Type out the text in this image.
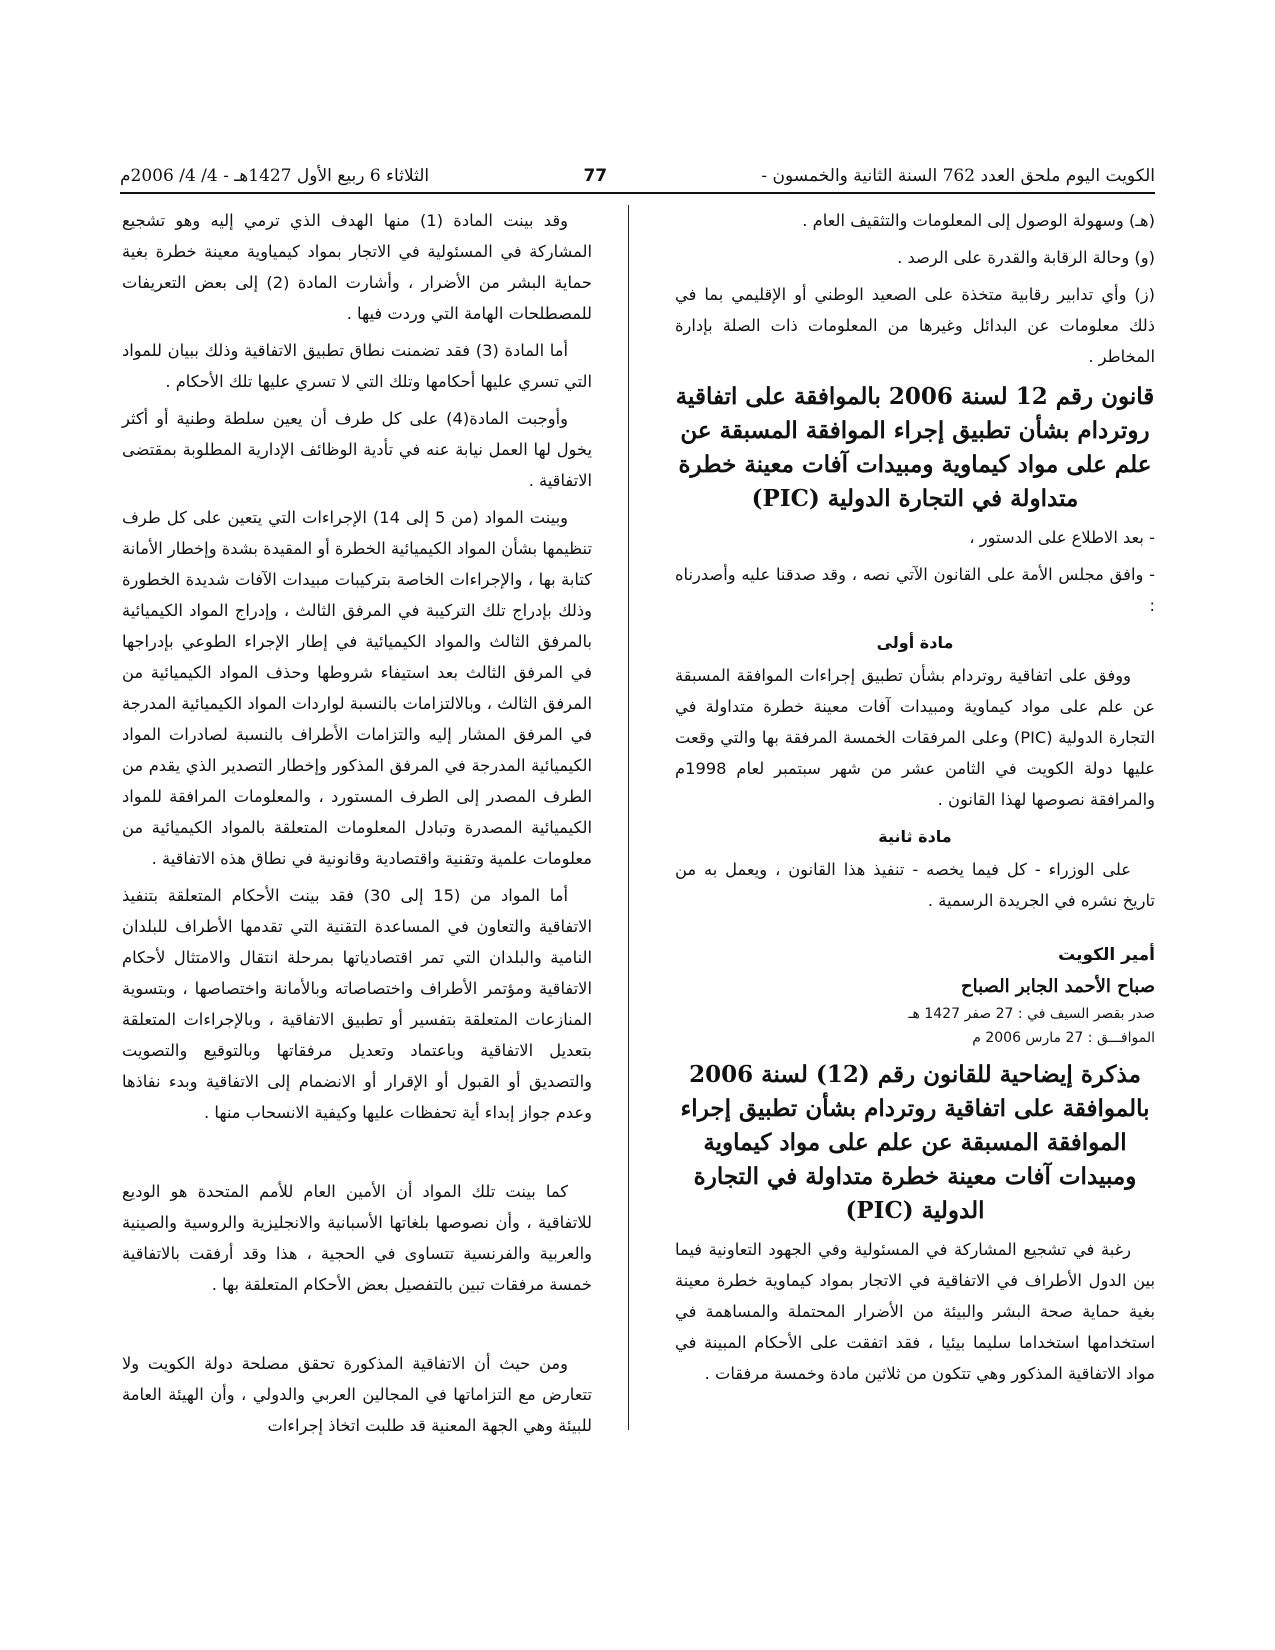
الكويت اليوم ملحق العدد 762 السنة الثانية والخمسون -
77
الثلاثاء 6 ربيع الأول 1427هـ - 4/ 4/ 2006م

(هـ) وسهولة الوصول إلى المعلومات والتثقيف العام .

(و) وحالة الرقابة والقدرة على الرصد .

(ز) وأي تدابير رقابية متخذة على الصعيد الوطني أو الإقليمي بما في ذلك معلومات عن البدائل وغيرها من المعلومات ذات الصلة بإدارة المخاطر .

قانون رقم 12 لسنة 2006 بالموافقة على اتفاقية روتردام بشأن تطبيق إجراء الموافقة المسبقة عن علم على مواد كيماوية ومبيدات آفات معينة خطرة متداولة في التجارة الدولية (PIC)

- بعد الاطلاع على الدستور ،

- وافق مجلس الأمة على القانون الآتي نصه ، وقد صدقنا عليه وأصدرناه :

مادة أولى

ووفق على اتفاقية روتردام بشأن تطبيق إجراءات الموافقة المسبقة عن علم على مواد كيماوية ومبيدات آفات معينة خطرة متداولة في التجارة الدولية (PIC) وعلى المرفقات الخمسة المرفقة بها والتي وقعت عليها دولة الكويت في الثامن عشر من شهر سبتمبر لعام 1998م والمرافقة نصوصها لهذا القانون .

مادة ثانية

على الوزراء - كل فيما يخصه - تنفيذ هذا القانون ، ويعمل به من تاريخ نشره في الجريدة الرسمية .

أمير الكويت
صباح الأحمد الجابر الصباح
صدر بقصر السيف في : 27 صفر 1427 هـ
الموافـــق : 27 مارس 2006 م
مذكرة إيضاحية للقانون رقم (12) لسنة 2006 بالموافقة على اتفاقية روتردام بشأن تطبيق إجراء الموافقة المسبقة عن علم على مواد كيماوية ومبيدات آفات معينة خطرة متداولة في التجارة الدولية (PIC)

رغبة في تشجيع المشاركة في المسئولية وفي الجهود التعاونية فيما بين الدول الأطراف في الاتفاقية في الاتجار بمواد كيماوية خطرة معينة بغية حماية صحة البشر والبيئة من الأضرار المحتملة والمساهمة في استخدامها استخداما سليما بيئيا ، فقد اتفقت على الأحكام المبينة في مواد الاتفاقية المذكور وهي تتكون من ثلاثين مادة وخمسة مرفقات .

وقد بينت المادة (1) منها الهدف الذي ترمي إليه وهو تشجيع المشاركة في المسئولية في الاتجار بمواد كيمياوية معينة خطرة بغية حماية البشر من الأضرار ، وأشارت المادة (2) إلى بعض التعريفات للمصطلحات الهامة التي وردت فيها .

أما المادة (3) فقد تضمنت نطاق تطبيق الاتفاقية وذلك ببيان للمواد التي تسري عليها أحكامها وتلك التي لا تسري عليها تلك الأحكام .

وأوجبت المادة(4) على كل طرف أن يعين سلطة وطنية أو أكثر يخول لها العمل نيابة عنه في تأدية الوظائف الإدارية المطلوبة بمقتضى الاتفاقية .

وبينت المواد (من 5 إلى 14) الإجراءات التي يتعين على كل طرف تنظيمها بشأن المواد الكيميائية الخطرة أو المقيدة بشدة وإخطار الأمانة كتابة بها ، والإجراءات الخاصة بتركيبات مبيدات الآفات شديدة الخطورة وذلك بإدراج تلك التركيبة في المرفق الثالث ، وإدراج المواد الكيميائية بالمرفق الثالث والمواد الكيميائية في إطار الإجراء الطوعي بإدراجها في المرفق الثالث بعد استيفاء شروطها وحذف المواد الكيميائية من المرفق الثالث ، وبالالتزامات بالنسبة لواردات المواد الكيميائية المدرجة في المرفق المشار إليه والتزامات الأطراف بالنسبة لصادرات المواد الكيميائية المدرجة في المرفق المذكور وإخطار التصدير الذي يقدم من الطرف المصدر إلى الطرف المستورد ، والمعلومات المرافقة للمواد الكيميائية المصدرة وتبادل المعلومات المتعلقة بالمواد الكيميائية من معلومات علمية وتقنية واقتصادية وقانونية في نطاق هذه الاتفاقية .

أما المواد من (15 إلى 30) فقد بينت الأحكام المتعلقة بتنفيذ الاتفاقية والتعاون في المساعدة التقنية التي تقدمها الأطراف للبلدان النامية والبلدان التي تمر اقتصادياتها بمرحلة انتقال والامتثال لأحكام الاتفاقية ومؤتمر الأطراف واختصاصاته وبالأمانة واختصاصها ، وبتسوية المنازعات المتعلقة بتفسير أو تطبيق الاتفاقية ، وبالإجراءات المتعلقة بتعديل الاتفاقية وباعتماد وتعديل مرفقاتها وبالتوقيع والتصويت والتصديق أو القبول أو الإقرار أو الانضمام إلى الاتفاقية وبدء نفاذها وعدم جواز إبداء أية تحفظات عليها وكيفية الانسحاب منها .

كما بينت تلك المواد أن الأمين العام للأمم المتحدة هو الوديع للاتفاقية ، وأن نصوصها بلغاتها الأسبانية والانجليزية والروسية والصينية والعربية والفرنسية تتساوى في الحجية ، هذا وقد أرفقت بالاتفاقية خمسة مرفقات تبين بالتفصيل بعض الأحكام المتعلقة بها .

ومن حيث أن الاتفاقية المذكورة تحقق مصلحة دولة الكويت ولا تتعارض مع التزاماتها في المجالين العربي والدولي ، وأن الهيئة العامة للبيئة وهي الجهة المعنية قد طلبت اتخاذ إجراءات
